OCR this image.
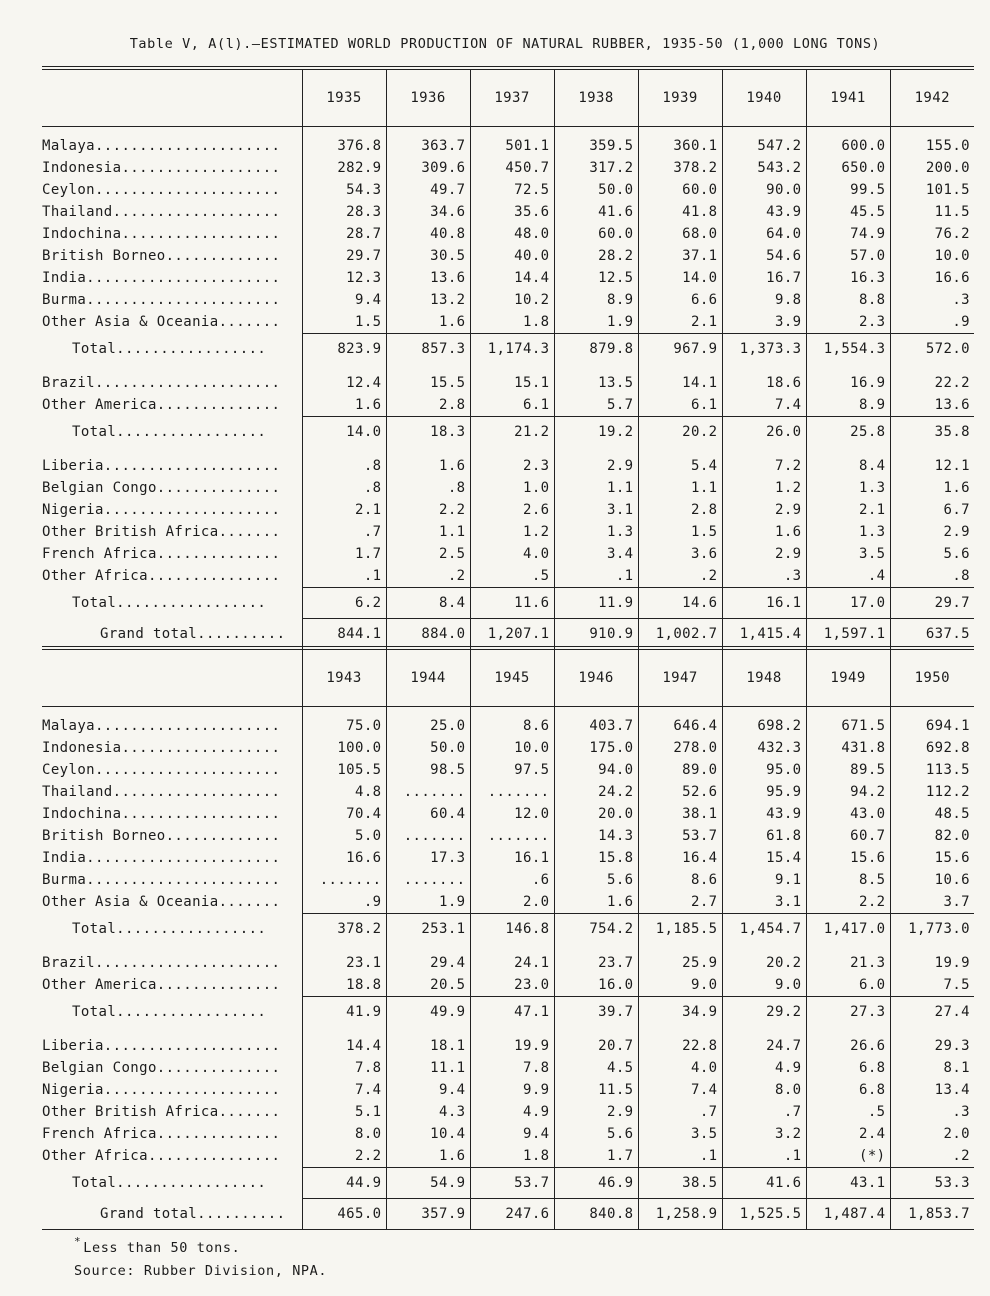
Table V, A(l).—ESTIMATED WORLD PRODUCTION OF NATURAL RUBBER, 1935-50 (1,000 LONG TONS)
	1935	1936	1937	1938	1939	1940	1941	1942
Malaya.....................	376.8	363.7	501.1	359.5	360.1	547.2	600.0	155.0
Indonesia..................	282.9	309.6	450.7	317.2	378.2	543.2	650.0	200.0
Ceylon.....................	54.3	49.7	72.5	50.0	60.0	90.0	99.5	101.5
Thailand...................	28.3	34.6	35.6	41.6	41.8	43.9	45.5	11.5
Indochina..................	28.7	40.8	48.0	60.0	68.0	64.0	74.9	76.2
British Borneo.............	29.7	30.5	40.0	28.2	37.1	54.6	57.0	10.0
India......................	12.3	13.6	14.4	12.5	14.0	16.7	16.3	16.6
Burma......................	9.4	13.2	10.2	8.9	6.6	9.8	8.8	.3
Other Asia & Oceania.......	1.5	1.6	1.8	1.9	2.1	3.9	2.3	.9
Total.................	823.9	857.3	1,174.3	879.8	967.9	1,373.3	1,554.3	572.0
Brazil.....................	12.4	15.5	15.1	13.5	14.1	18.6	16.9	22.2
Other America..............	1.6	2.8	6.1	5.7	6.1	7.4	8.9	13.6
Total.................	14.0	18.3	21.2	19.2	20.2	26.0	25.8	35.8
Liberia....................	.8	1.6	2.3	2.9	5.4	7.2	8.4	12.1
Belgian Congo..............	.8	.8	1.0	1.1	1.1	1.2	1.3	1.6
Nigeria....................	2.1	2.2	2.6	3.1	2.8	2.9	2.1	6.7
Other British Africa.......	.7	1.1	1.2	1.3	1.5	1.6	1.3	2.9
French Africa..............	1.7	2.5	4.0	3.4	3.6	2.9	3.5	5.6
Other Africa...............	.1	.2	.5	.1	.2	.3	.4	.8
Total.................	6.2	8.4	11.6	11.9	14.6	16.1	17.0	29.7
Grand total..........	844.1	884.0	1,207.1	910.9	1,002.7	1,415.4	1,597.1	637.5
	1943	1944	1945	1946	1947	1948	1949	1950
Malaya.....................	75.0	25.0	8.6	403.7	646.4	698.2	671.5	694.1
Indonesia..................	100.0	50.0	10.0	175.0	278.0	432.3	431.8	692.8
Ceylon.....................	105.5	98.5	97.5	94.0	89.0	95.0	89.5	113.5
Thailand...................	4.8	.......	.......	24.2	52.6	95.9	94.2	112.2
Indochina..................	70.4	60.4	12.0	20.0	38.1	43.9	43.0	48.5
British Borneo.............	5.0	.......	.......	14.3	53.7	61.8	60.7	82.0
India......................	16.6	17.3	16.1	15.8	16.4	15.4	15.6	15.6
Burma......................	.......	.......	.6	5.6	8.6	9.1	8.5	10.6
Other Asia & Oceania.......	.9	1.9	2.0	1.6	2.7	3.1	2.2	3.7
Total.................	378.2	253.1	146.8	754.2	1,185.5	1,454.7	1,417.0	1,773.0
Brazil.....................	23.1	29.4	24.1	23.7	25.9	20.2	21.3	19.9
Other America..............	18.8	20.5	23.0	16.0	9.0	9.0	6.0	7.5
Total.................	41.9	49.9	47.1	39.7	34.9	29.2	27.3	27.4
Liberia....................	14.4	18.1	19.9	20.7	22.8	24.7	26.6	29.3
Belgian Congo..............	7.8	11.1	7.8	4.5	4.0	4.9	6.8	8.1
Nigeria....................	7.4	9.4	9.9	11.5	7.4	8.0	6.8	13.4
Other British Africa.......	5.1	4.3	4.9	2.9	.7	.7	.5	.3
French Africa..............	8.0	10.4	9.4	5.6	3.5	3.2	2.4	2.0
Other Africa...............	2.2	1.6	1.8	1.7	.1	.1	(*)	.2
Total.................	44.9	54.9	53.7	46.9	38.5	41.6	43.1	53.3
Grand total..........	465.0	357.9	247.6	840.8	1,258.9	1,525.5	1,487.4	1,853.7
* Less than 50 tons.
Source: Rubber Division, NPA.
